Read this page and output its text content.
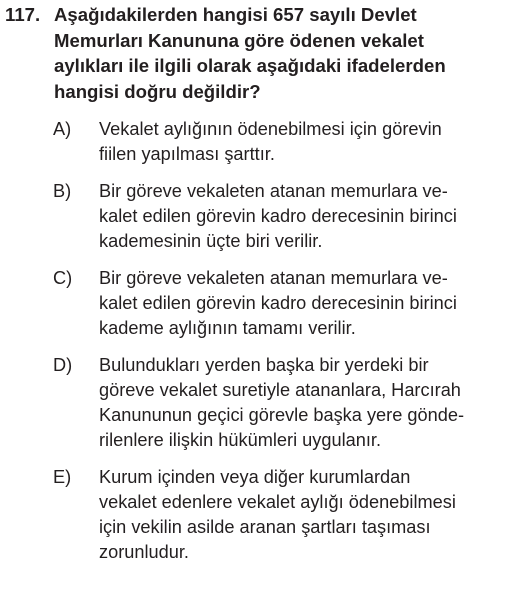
117. Aşağıdakilerden hangisi 657 sayılı Devlet
Memurları Kanununa göre ödenen vekalet
aylıkları ile ilgili olarak aşağıdaki ifadelerden
hangisi doğru değildir?
A)	Vekalet aylığının ödenebilmesi için görevin
fiilen yapılması şarttır.
B)	Bir göreve vekaleten atanan memurlara ve-
kalet edilen görevin kadro derecesinin birinci
kademesinin üçte biri verilir.
C)	Bir göreve vekaleten atanan memurlara ve-
kalet edilen görevin kadro derecesinin birinci
kademe aylığının tamamı verilir.
D)	Bulundukları yerden başka bir yerdeki bir
göreve vekalet suretiyle atananlara, Harcırah
Kanununun geçici görevle başka yere gönde-
rilenlere ilişkin hükümleri uygulanır.
E)	Kurum içinden veya diğer kurumlardan
vekalet edenlere vekalet aylığı ödenebilmesi
için vekilin asilde aranan şartları taşıması
zorunludur.
